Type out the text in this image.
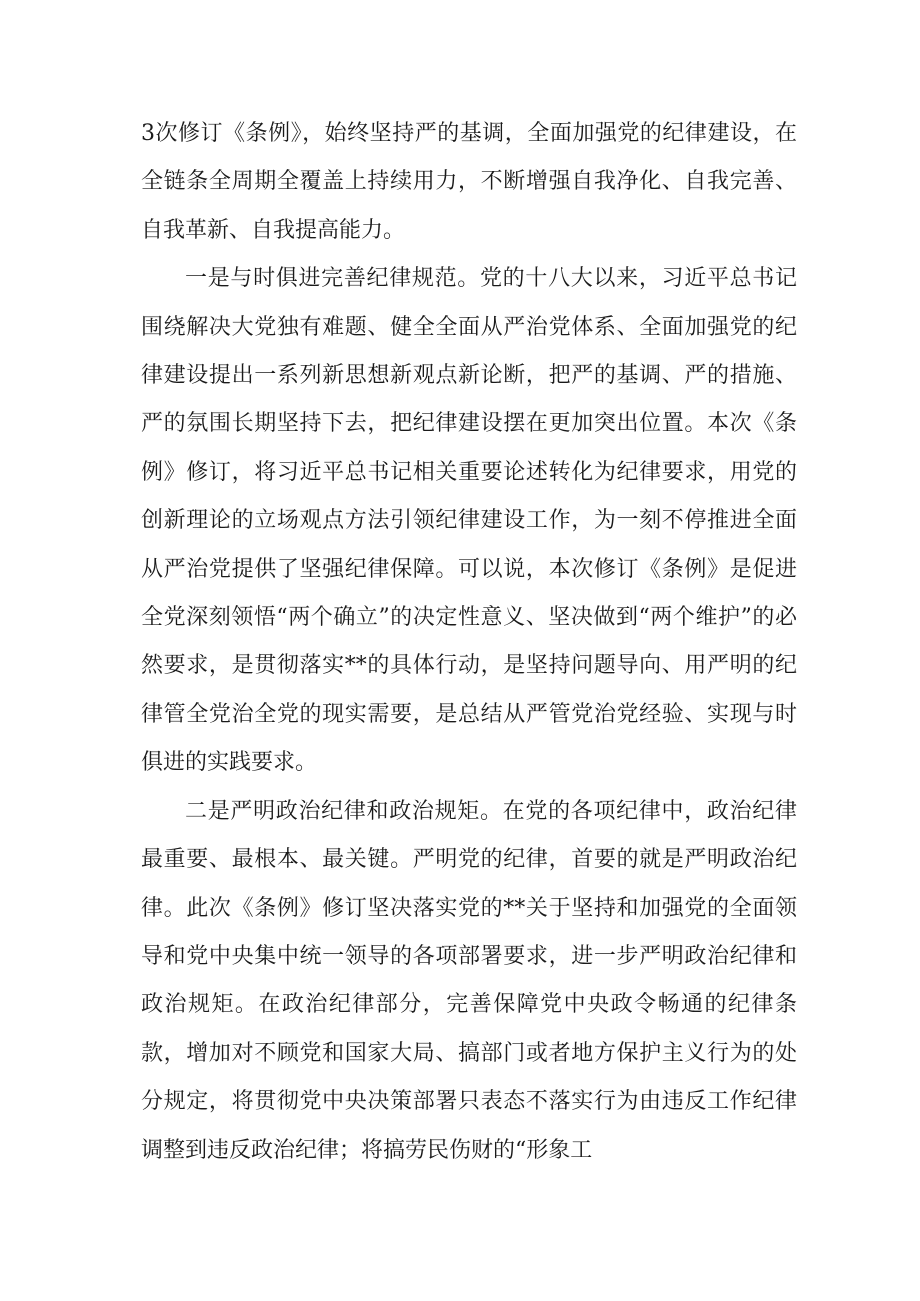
3次修订《条例》，始终坚持严的基调，全面加强党的纪律建设，在全链条全周期全覆盖上持续用力，不断增强自我净化、自我完善、自我革新、自我提高能力。

一是与时俱进完善纪律规范。党的十八大以来，习近平总书记围绕解决大党独有难题、健全全面从严治党体系、全面加强党的纪律建设提出一系列新思想新观点新论断，把严的基调、严的措施、严的氛围长期坚持下去，把纪律建设摆在更加突出位置。本次《条例》修订，将习近平总书记相关重要论述转化为纪律要求，用党的创新理论的立场观点方法引领纪律建设工作，为一刻不停推进全面从严治党提供了坚强纪律保障。可以说，本次修订《条例》是促进全党深刻领悟“两个确立”的决定性意义、坚决做到“两个维护”的必然要求，是贯彻落实**的具体行动，是坚持问题导向、用严明的纪律管全党治全党的现实需要，是总结从严管党治党经验、实现与时俱进的实践要求。

二是严明政治纪律和政治规矩。在党的各项纪律中，政治纪律最重要、最根本、最关键。严明党的纪律，首要的就是严明政治纪律。此次《条例》修订坚决落实党的**关于坚持和加强党的全面领导和党中央集中统一领导的各项部署要求，进一步严明政治纪律和政治规矩。在政治纪律部分，完善保障党中央政令畅通的纪律条款，增加对不顾党和国家大局、搞部门或者地方保护主义行为的处分规定，将贯彻党中央决策部署只表态不落实行为由违反工作纪律调整到违反政治纪律；将搞劳民伤财的“形象工
